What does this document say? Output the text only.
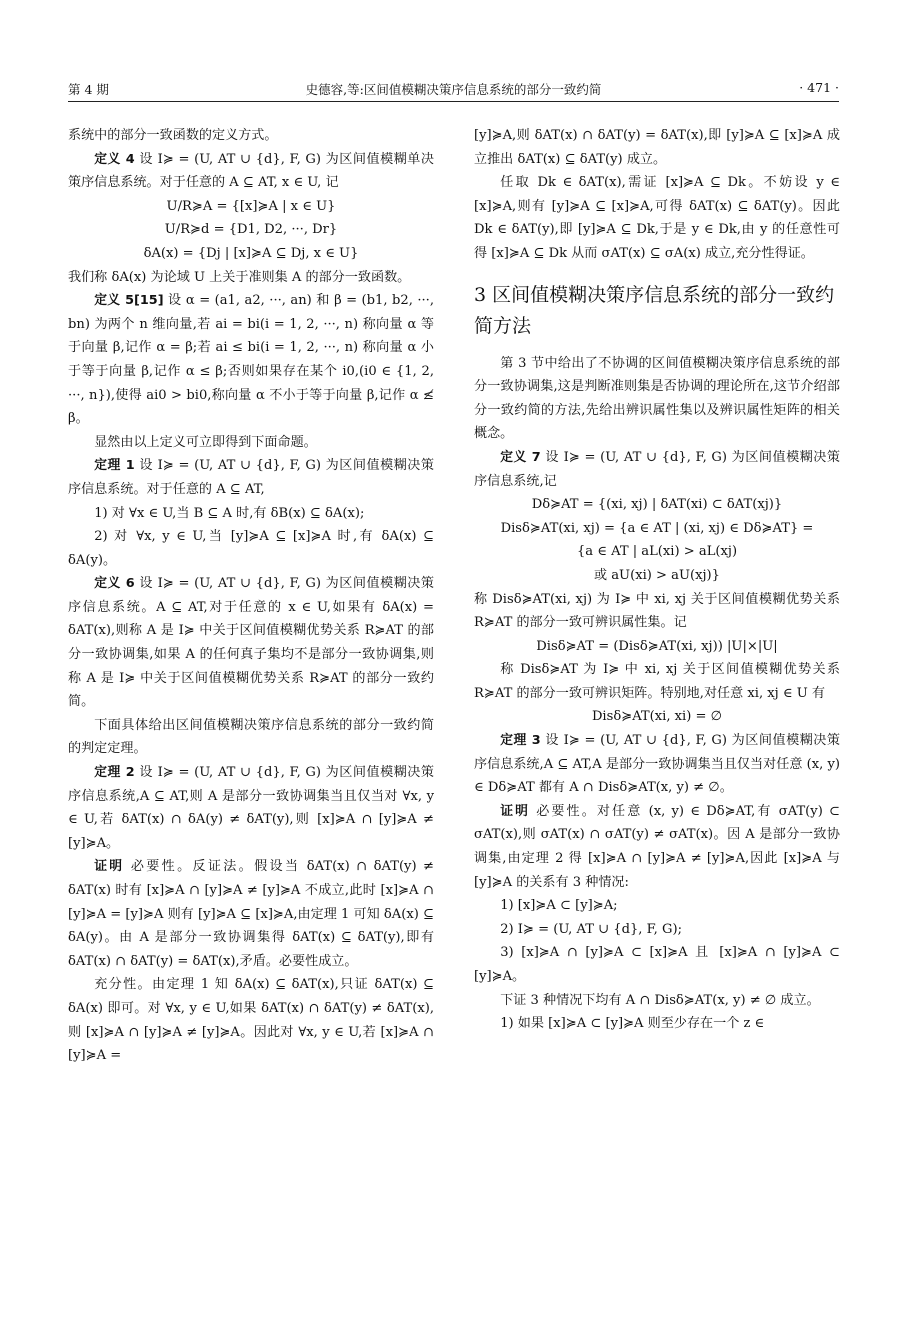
第 4 期	史德容,等:区间值模糊决策序信息系统的部分一致约简	· 471 ·

系统中的部分一致函数的定义方式。

定义 4 设 I≽ = (U, AT ∪ {d}, F, G) 为区间值模糊单决策序信息系统。对于任意的 A ⊆ AT, x ∈ U, 记

U/R≽A = {[x]≽A | x ∈ U}

U/R≽d = {D1, D2, ···, Dr}

δA(x) = {Dj | [x]≽A ⊆ Dj, x ∈ U}

我们称 δA(x) 为论域 U 上关于准则集 A 的部分一致函数。

定义 5[15] 设 α = (a1, a2, ···, an) 和 β = (b1, b2, ···, bn) 为两个 n 维向量,若 ai = bi(i = 1, 2, ···, n) 称向量 α 等于向量 β,记作 α = β;若 ai ≤ bi(i = 1, 2, ···, n) 称向量 α 小于等于向量 β,记作 α ≤ β;否则如果存在某个 i0,(i0 ∈ {1, 2, ···, n}),使得 ai0 > bi0,称向量 α 不小于等于向量 β,记作 α ≰ β。

显然由以上定义可立即得到下面命题。

定理 1 设 I≽ = (U, AT ∪ {d}, F, G) 为区间值模糊决策序信息系统。对于任意的 A ⊆ AT,

1) 对 ∀x ∈ U,当 B ⊆ A 时,有 δB(x) ⊆ δA(x);

2) 对 ∀x, y ∈ U,当 [y]≽A ⊆ [x]≽A 时,有 δA(x) ⊆ δA(y)。

定义 6 设 I≽ = (U, AT ∪ {d}, F, G) 为区间值模糊决策序信息系统。A ⊆ AT,对于任意的 x ∈ U,如果有 δA(x) = δAT(x),则称 A 是 I≽ 中关于区间值模糊优势关系 R≽AT 的部分一致协调集,如果 A 的任何真子集均不是部分一致协调集,则称 A 是 I≽ 中关于区间值模糊优势关系 R≽AT 的部分一致约简。

下面具体给出区间值模糊决策序信息系统的部分一致约简的判定定理。

定理 2 设 I≽ = (U, AT ∪ {d}, F, G) 为区间值模糊决策序信息系统,A ⊆ AT,则 A 是部分一致协调集当且仅当对 ∀x, y ∈ U,若 δAT(x) ∩ δA(y) ≠ δAT(y),则 [x]≽A ∩ [y]≽A ≠ [y]≽A。

证明 必要性。反证法。假设当 δAT(x) ∩ δAT(y) ≠ δAT(x) 时有 [x]≽A ∩ [y]≽A ≠ [y]≽A 不成立,此时 [x]≽A ∩ [y]≽A = [y]≽A 则有 [y]≽A ⊆ [x]≽A,由定理 1 可知 δA(x) ⊆ δA(y)。由 A 是部分一致协调集得 δAT(x) ⊆ δAT(y),即有 δAT(x) ∩ δAT(y) = δAT(x),矛盾。必要性成立。

充分性。由定理 1 知 δA(x) ⊆ δAT(x),只证 δAT(x) ⊆ δA(x) 即可。对 ∀x, y ∈ U,如果 δAT(x) ∩ δAT(y) ≠ δAT(x),则 [x]≽A ∩ [y]≽A ≠ [y]≽A。因此对 ∀x, y ∈ U,若 [x]≽A ∩ [y]≽A =

[y]≽A,则 δAT(x) ∩ δAT(y) = δAT(x),即 [y]≽A ⊆ [x]≽A 成立推出 δAT(x) ⊆ δAT(y) 成立。

任取 Dk ∈ δAT(x),需证 [x]≽A ⊆ Dk。不妨设 y ∈ [x]≽A,则有 [y]≽A ⊆ [x]≽A,可得 δAT(x) ⊆ δAT(y)。因此 Dk ∈ δAT(y),即 [y]≽A ⊆ Dk,于是 y ∈ Dk,由 y 的任意性可得 [x]≽A ⊆ Dk 从而 σAT(x) ⊆ σA(x) 成立,充分性得证。

3 区间值模糊决策序信息系统的部分一致约简方法

第 3 节中给出了不协调的区间值模糊决策序信息系统的部分一致协调集,这是判断准则集是否协调的理论所在,这节介绍部分一致约简的方法,先给出辨识属性集以及辨识属性矩阵的相关概念。

定义 7 设 I≽ = (U, AT ∪ {d}, F, G) 为区间值模糊决策序信息系统,记

Dδ≽AT = {(xi, xj) | δAT(xi) ⊂ δAT(xj)}

Disδ≽AT(xi, xj) = {a ∈ AT | (xi, xj) ∈ Dδ≽AT} =

{a ∈ AT | aL(xi) > aL(xj)

或 aU(xi) > aU(xj)}

称 Disδ≽AT(xi, xj) 为 I≽ 中 xi, xj 关于区间值模糊优势关系 R≽AT 的部分一致可辨识属性集。记

Disδ≽AT = (Disδ≽AT(xi, xj)) |U|×|U|

称 Disδ≽AT 为 I≽ 中 xi, xj 关于区间值模糊优势关系 R≽AT 的部分一致可辨识矩阵。特别地,对任意 xi, xj ∈ U 有

Disδ≽AT(xi, xi) = ∅

定理 3 设 I≽ = (U, AT ∪ {d}, F, G) 为区间值模糊决策序信息系统,A ⊆ AT,A 是部分一致协调集当且仅当对任意 (x, y) ∈ Dδ≽AT 都有 A ∩ Disδ≽AT(x, y) ≠ ∅。

证明 必要性。对任意 (x, y) ∈ Dδ≽AT,有 σAT(y) ⊂ σAT(x),则 σAT(x) ∩ σAT(y) ≠ σAT(x)。因 A 是部分一致协调集,由定理 2 得 [x]≽A ∩ [y]≽A ≠ [y]≽A,因此 [x]≽A 与 [y]≽A 的关系有 3 种情况:

1) [x]≽A ⊂ [y]≽A;

2) I≽ = (U, AT ∪ {d}, F, G);

3) [x]≽A ∩ [y]≽A ⊂ [x]≽A 且 [x]≽A ∩ [y]≽A ⊂ [y]≽A。

下证 3 种情况下均有 A ∩ Disδ≽AT(x, y) ≠ ∅ 成立。

1) 如果 [x]≽A ⊂ [y]≽A 则至少存在一个 z ∈
